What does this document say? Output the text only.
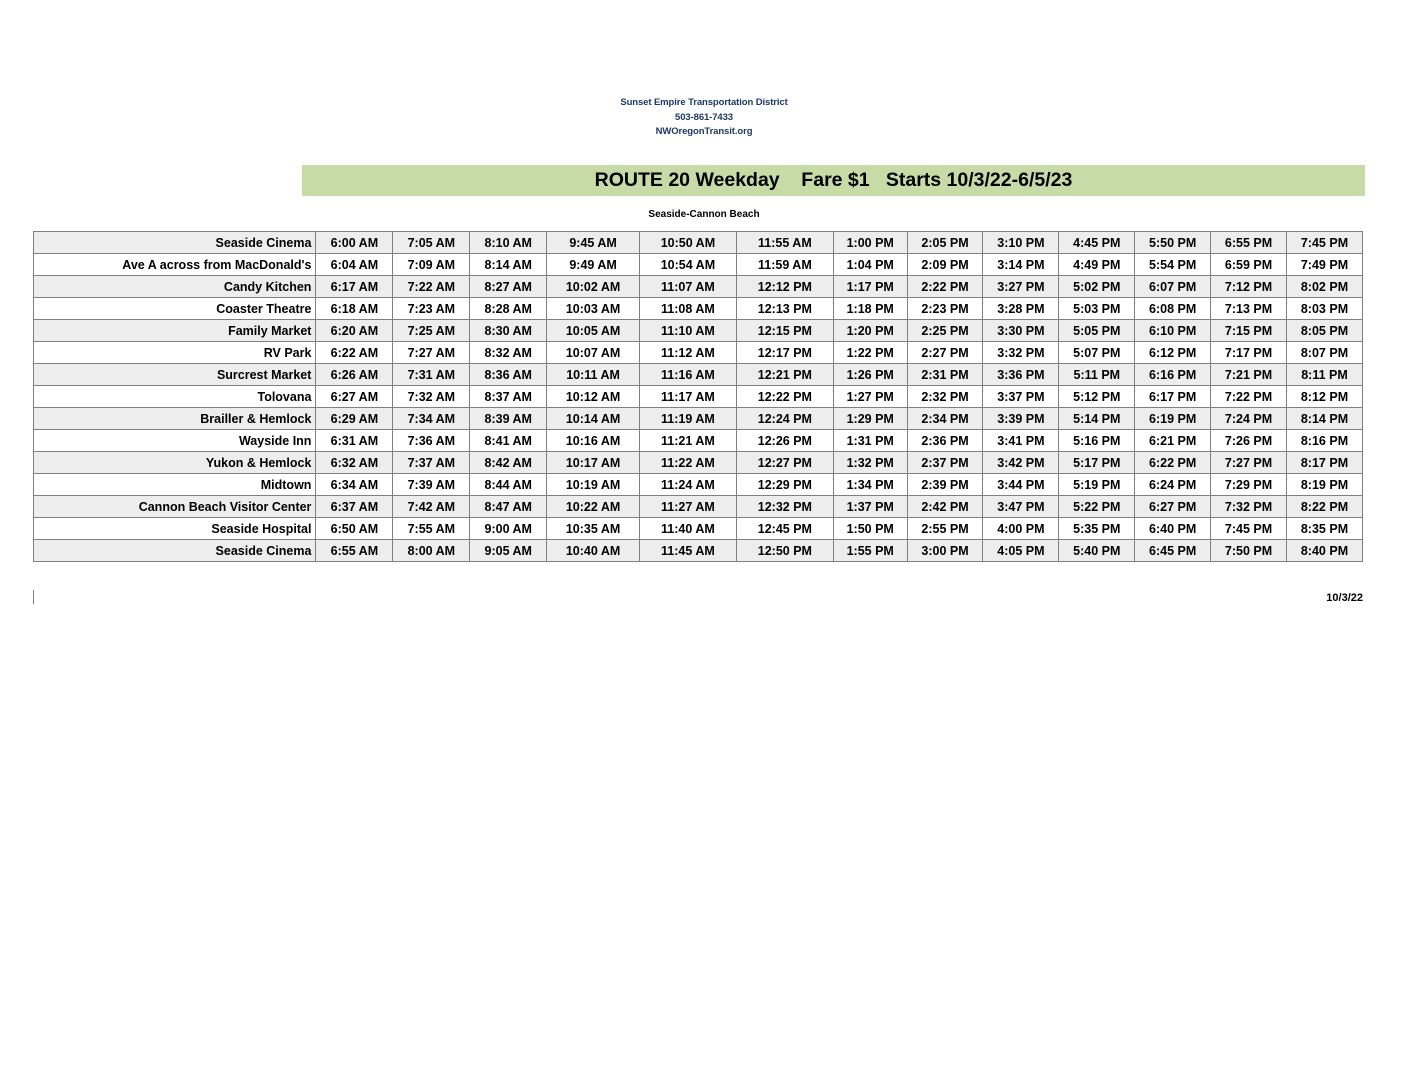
Sunset Empire Transportation District
503-861-7433
NWOregonTransit.org
ROUTE 20 Weekday    Fare $1   Starts 10/3/22-6/5/23
Seaside-Cannon Beach
Seaside Cinema	6:00 AM	7:05 AM	8:10 AM	9:45 AM	10:50 AM	11:55 AM	1:00 PM	2:05 PM	3:10 PM	4:45 PM	5:50 PM	6:55 PM	7:45 PM
Ave A across from MacDonald's	6:04 AM	7:09 AM	8:14 AM	9:49 AM	10:54 AM	11:59 AM	1:04 PM	2:09 PM	3:14 PM	4:49 PM	5:54 PM	6:59 PM	7:49 PM
Candy Kitchen	6:17 AM	7:22 AM	8:27 AM	10:02 AM	11:07 AM	12:12 PM	1:17 PM	2:22 PM	3:27 PM	5:02 PM	6:07 PM	7:12 PM	8:02 PM
Coaster Theatre	6:18 AM	7:23 AM	8:28 AM	10:03 AM	11:08 AM	12:13 PM	1:18 PM	2:23 PM	3:28 PM	5:03 PM	6:08 PM	7:13 PM	8:03 PM
Family Market	6:20 AM	7:25 AM	8:30 AM	10:05 AM	11:10 AM	12:15 PM	1:20 PM	2:25 PM	3:30 PM	5:05 PM	6:10 PM	7:15 PM	8:05 PM
RV Park	6:22 AM	7:27 AM	8:32 AM	10:07 AM	11:12 AM	12:17 PM	1:22 PM	2:27 PM	3:32 PM	5:07 PM	6:12 PM	7:17 PM	8:07 PM
Surcrest Market	6:26 AM	7:31 AM	8:36 AM	10:11 AM	11:16 AM	12:21 PM	1:26 PM	2:31 PM	3:36 PM	5:11 PM	6:16 PM	7:21 PM	8:11 PM
Tolovana	6:27 AM	7:32 AM	8:37 AM	10:12 AM	11:17 AM	12:22 PM	1:27 PM	2:32 PM	3:37 PM	5:12 PM	6:17 PM	7:22 PM	8:12 PM
Brailler & Hemlock	6:29 AM	7:34 AM	8:39 AM	10:14 AM	11:19 AM	12:24 PM	1:29 PM	2:34 PM	3:39 PM	5:14 PM	6:19 PM	7:24 PM	8:14 PM
Wayside Inn	6:31 AM	7:36 AM	8:41 AM	10:16 AM	11:21 AM	12:26 PM	1:31 PM	2:36 PM	3:41 PM	5:16 PM	6:21 PM	7:26 PM	8:16 PM
Yukon & Hemlock	6:32 AM	7:37 AM	8:42 AM	10:17 AM	11:22 AM	12:27 PM	1:32 PM	2:37 PM	3:42 PM	5:17 PM	6:22 PM	7:27 PM	8:17 PM
Midtown	6:34 AM	7:39 AM	8:44 AM	10:19 AM	11:24 AM	12:29 PM	1:34 PM	2:39 PM	3:44 PM	5:19 PM	6:24 PM	7:29 PM	8:19 PM
Cannon Beach Visitor Center	6:37 AM	7:42 AM	8:47 AM	10:22 AM	11:27 AM	12:32 PM	1:37 PM	2:42 PM	3:47 PM	5:22 PM	6:27 PM	7:32 PM	8:22 PM
Seaside Hospital	6:50 AM	7:55 AM	9:00 AM	10:35 AM	11:40 AM	12:45 PM	1:50 PM	2:55 PM	4:00 PM	5:35 PM	6:40 PM	7:45 PM	8:35 PM
Seaside Cinema	6:55 AM	8:00 AM	9:05 AM	10:40 AM	11:45 AM	12:50 PM	1:55 PM	3:00 PM	4:05 PM	5:40 PM	6:45 PM	7:50 PM	8:40 PM
10/3/22
